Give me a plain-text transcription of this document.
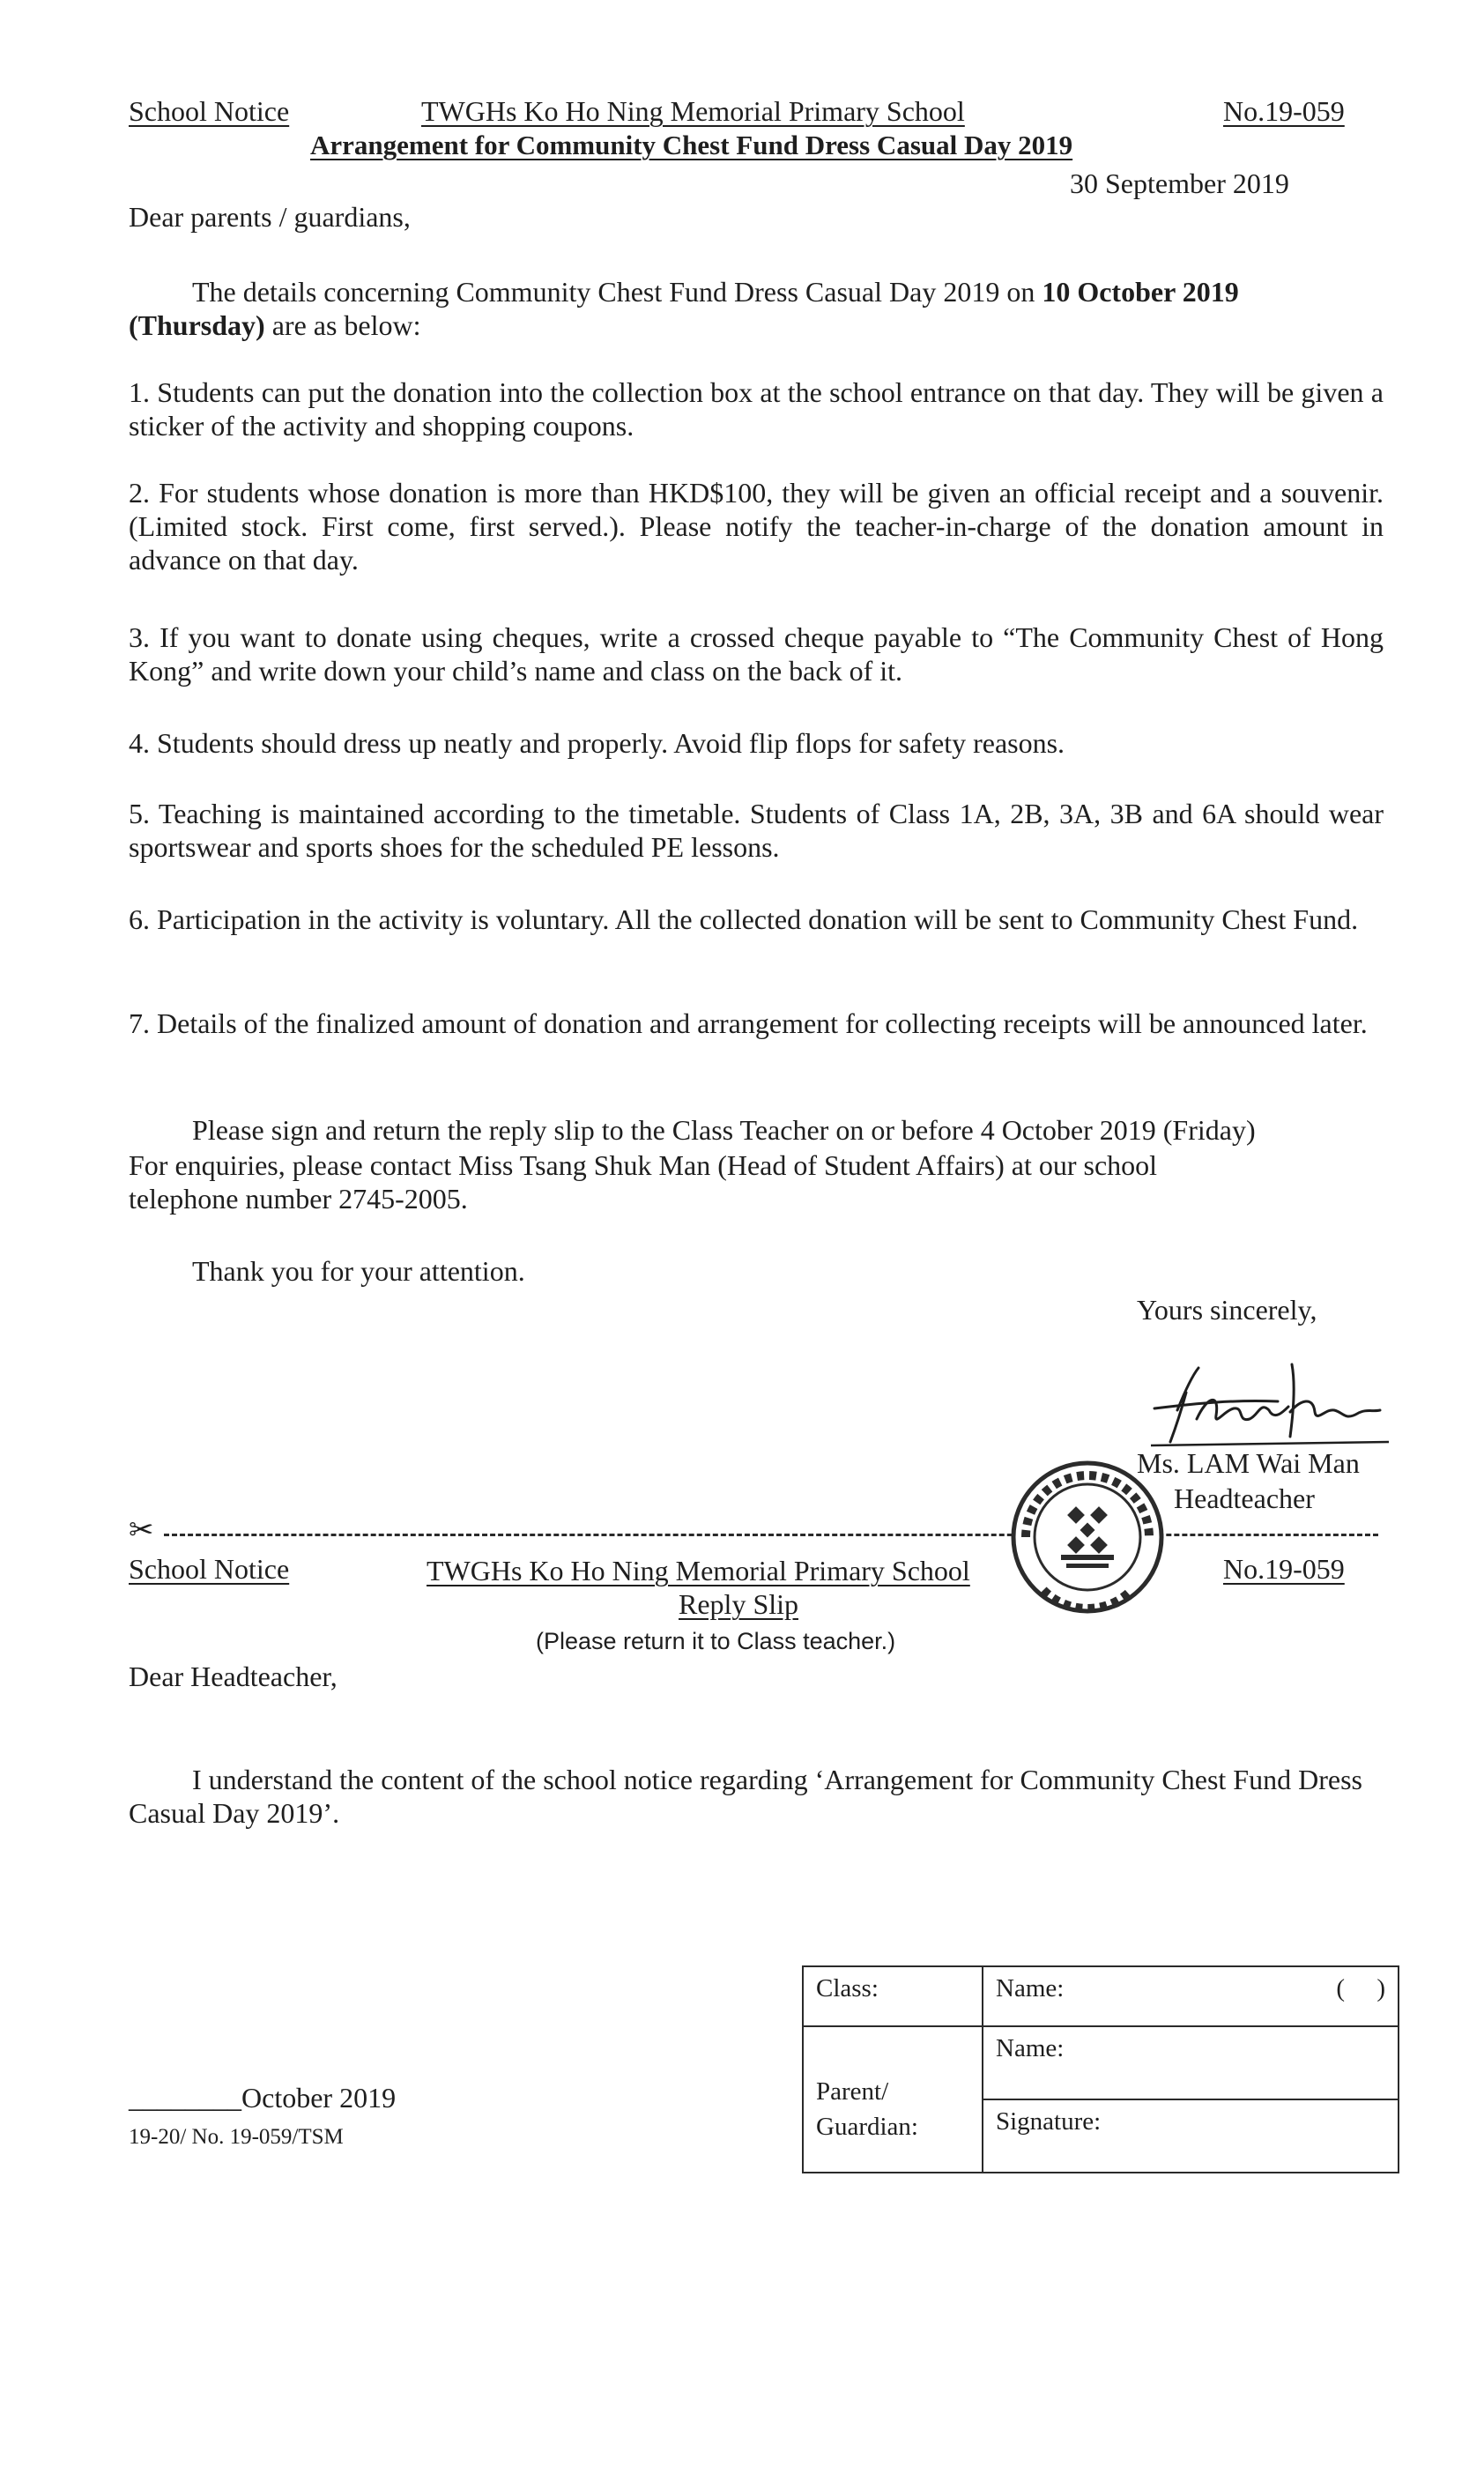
School Notice	TWGHs Ko Ho Ning Memorial Primary School	No.19-059
Arrangement for Community Chest Fund Dress Casual Day 2019
30 September 2019
Dear parents / guardians,
The details concerning Community Chest Fund Dress Casual Day 2019 on 10 October 2019
(Thursday) are as below:
1. Students can put the donation into the collection box at the school entrance on that day. They will be given a sticker of the activity and shopping coupons.
2. For students whose donation is more than HKD$100, they will be given an official receipt and a souvenir. (Limited stock. First come, first served.). Please notify the teacher-in-charge of the donation amount in advance on that day.
3. If you want to donate using cheques, write a crossed cheque payable to “The Community Chest of Hong Kong” and write down your child’s name and class on the back of it.
4. Students should dress up neatly and properly. Avoid flip flops for safety reasons.
5. Teaching is maintained according to the timetable. Students of Class 1A, 2B, 3A, 3B and 6A should wear sportswear and sports shoes for the scheduled PE lessons.
6. Participation in the activity is voluntary. All the collected donation will be sent to Community Chest Fund.
7. Details of the finalized amount of donation and arrangement for collecting receipts will be announced later.
Please sign and return the reply slip to the Class Teacher on or before 4 October 2019 (Friday)
For enquiries, please contact Miss Tsang Shuk Man (Head of Student Affairs) at our school
telephone number 2745-2005.
Thank you for your attention.
Yours sincerely,
Ms. LAM Wai Man
Headteacher
✂
School Notice	TWGHs Ko Ho Ning Memorial Primary School	No.19-059
Reply Slip
(Please return it to Class teacher.)
Dear Headteacher,
I understand the content of the school notice regarding ‘Arrangement for Community Chest Fund Dress Casual Day 2019’.
Class:	Name: (     )

Parent/
Guardian:	Name:
	Signature:
________October 2019
19-20/ No. 19-059/TSM
